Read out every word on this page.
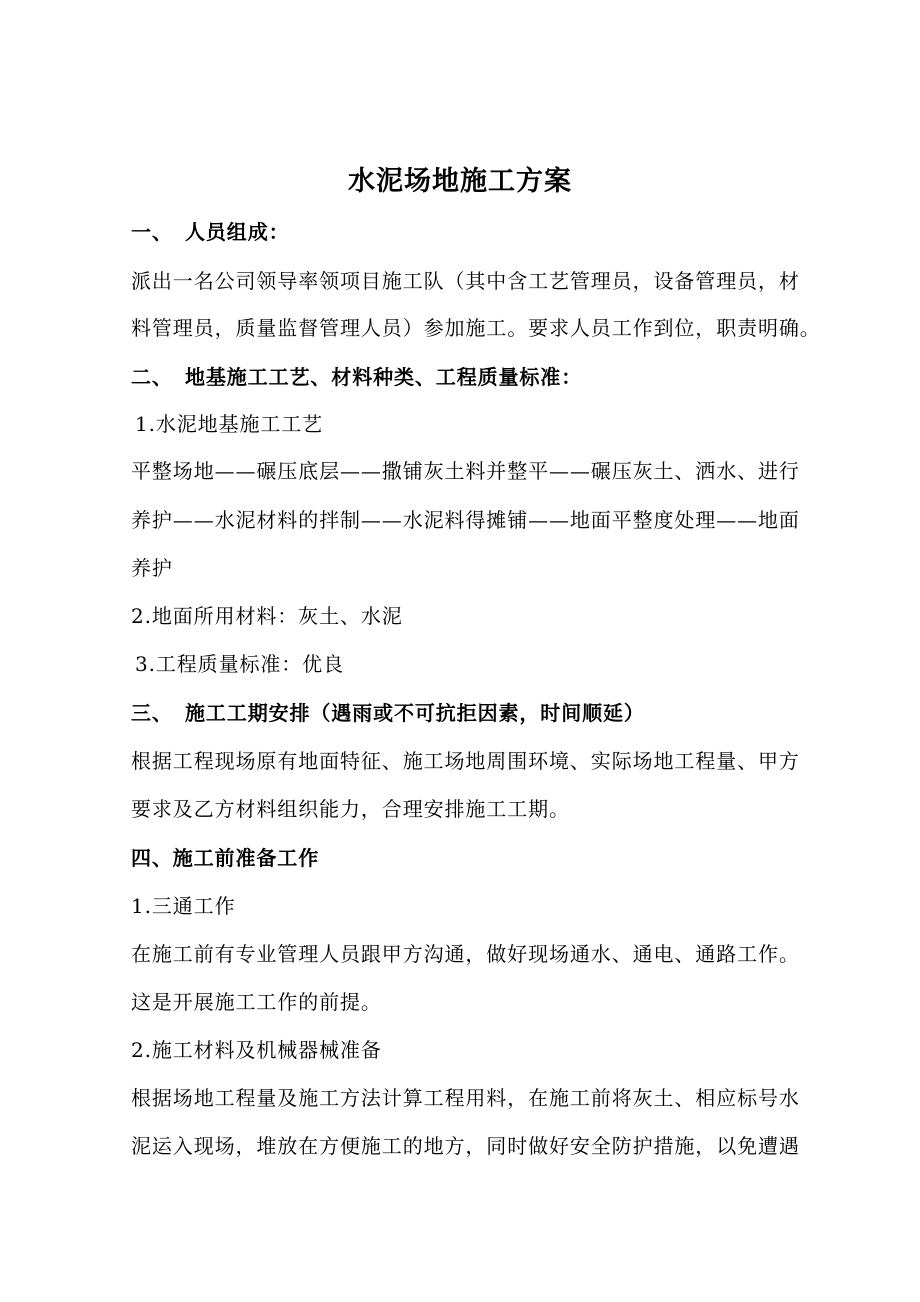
水泥场地施工方案
一、 人员组成：
派出一名公司领导率领项目施工队（其中含工艺管理员，设备管理员，材
料管理员，质量监督管理人员）参加施工。要求人员工作到位，职责明确。
二、 地基施工工艺、材料种类、工程质量标准：
1.水泥地基施工工艺
平整场地——碾压底层——撒铺灰土料并整平——碾压灰土、洒水、进行
养护——水泥材料的拌制——水泥料得摊铺——地面平整度处理——地面
养护
2.地面所用材料：灰土、水泥
3.工程质量标准：优良
三、 施工工期安排（遇雨或不可抗拒因素，时间顺延）
根据工程现场原有地面特征、施工场地周围环境、实际场地工程量、甲方
要求及乙方材料组织能力，合理安排施工工期。
四、施工前准备工作
1.三通工作
在施工前有专业管理人员跟甲方沟通，做好现场通水、通电、通路工作。
这是开展施工工作的前提。
2.施工材料及机械器械准备
根据场地工程量及施工方法计算工程用料，在施工前将灰土、相应标号水
泥运入现场，堆放在方便施工的地方，同时做好安全防护措施，以免遭遇
